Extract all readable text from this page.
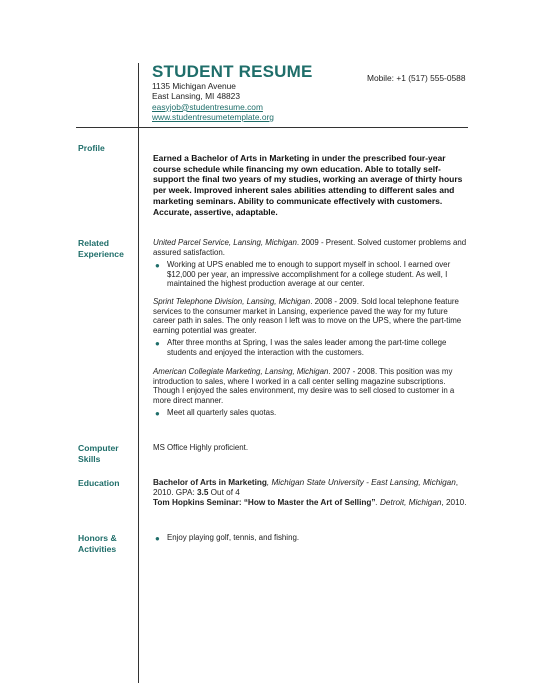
STUDENT RESUME
1135 Michigan Avenue
East Lansing, MI 48823
easyjob@studentresume.com
www.studentresumetemplate.org
Mobile: +1 (517) 555-0588
Profile
Earned a Bachelor of Arts in Marketing in under the prescribed four-year course schedule while financing my own education. Able to totally self-support the final two years of my studies, working an average of thirty hours per week. Improved inherent sales abilities attending to different sales and marketing seminars. Ability to communicate effectively with customers. Accurate, assertive, adaptable.
Related
Experience
United Parcel Service, Lansing, Michigan. 2009 - Present. Solved customer problems and assured satisfaction.
● Working at UPS enabled me to enough to support myself in school. I earned over $12,000 per year, an impressive accomplishment for a college student. As well, I maintained the highest production average at our center.
Sprint Telephone Division, Lansing, Michigan. 2008 - 2009. Sold local telephone feature services to the consumer market in Lansing, experience paved the way for my future career path in sales. The only reason I left was to move on the UPS, where the part-time earning potential was greater.
● After three months at Spring, I was the sales leader among the part-time college students and enjoyed the interaction with the customers.
American Collegiate Marketing, Lansing, Michigan. 2007 - 2008. This position was my introduction to sales, where I worked in a call center selling magazine subscriptions. Though I enjoyed the sales environment, my desire was to sell closed to customer in a more direct manner.
● Meet all quarterly sales quotas.
Computer
Skills
MS Office Highly proficient.
Education	Bachelor of Arts in Marketing, Michigan State University - East Lansing, Michigan, 2010. GPA: 3.5 Out of 4
Tom Hopkins Seminar: “How to Master the Art of Selling”. Detroit, Michigan, 2010.
Honors &
Activities
● Enjoy playing golf, tennis, and fishing.
